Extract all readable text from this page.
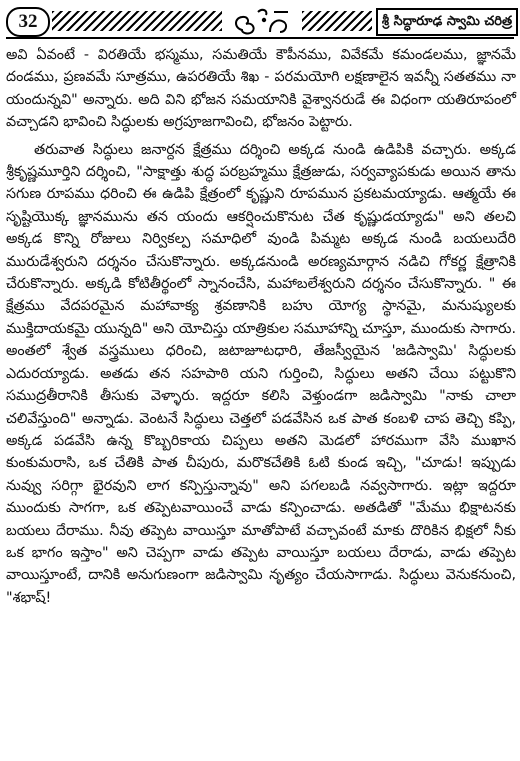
32	శ్రీ సిద్ధారూఢ స్వామి చరిత్ర

అవి ఏవంటే - విరతియే భస్మము, సమతియే కౌపీనము, వివేకమే కమండలము, జ్ఞానమే దండము, ప్రణవమే సూత్రము, ఉపరతియే శిఖ - పరమయోగి లక్షణాలైన ఇవన్నీ సతతము నా యందున్నవి" అన్నారు. అది విని భోజన సమయానికి వైశ్వానరుడే ఈ విధంగా యతిరూపంలో వచ్చాడని భావించి సిద్ధులకు అగ్రపూజగావించి, భోజనం పెట్టారు.

తరువాత సిద్ధులు జనార్దన క్షేత్రము దర్శించి అక్కడ నుండి ఉడిపికి వచ్చారు. అక్కడ శ్రీకృష్ణమూర్తిని దర్శించి, "సాక్షాత్తు శుద్ధ పరబ్రహ్మము క్షేత్రజుడు, సర్వవ్యాపకుడు అయిన తాను సగుణ రూపము ధరించి ఈ ఉడిపి క్షేత్రంలో కృష్ణుని రూపమున ప్రకటమయ్యాడు. ఆత్మయే ఈ సృష్టియొక్క జ్ఞానమును తన యందు ఆకర్షించుకొనుట చేత కృష్ణుడయ్యాడు" అని తలచి అక్కడ కొన్ని రోజులు నిర్వికల్ప సమాధిలో వుండి పిమ్మట అక్కడ నుండి బయలుదేరి మురుడేశ్వరుని దర్శనం చేసుకొన్నారు. అక్కడనుండి అరణ్యమార్గాన నడిచి గోకర్ణ క్షేత్రానికి చేరుకొన్నారు. అక్కడి కోటితీర్థంలో స్నానంచేసి, మహాబలేశ్వరుని దర్శనం చేసుకొన్నారు. " ఈ క్షేత్రము వేదపరమైన మహావాక్య శ్రవణానికి బహు యోగ్య స్థానమై, మనుష్యులకు ముక్తిదాయకమై యున్నది" అని యోచిస్తు యాత్రికుల సమూహాన్ని చూస్తూ, ముందుకు సాగారు. అంతలో శ్వేత వస్త్రములు ధరించి, జటాజూటధారి, తేజస్వీయైన 'జడిస్వామి' సిద్ధులకు ఎదురయ్యాడు. అతడు తన సహపాఠి యని గుర్తించి, సిద్ధులు అతని చేయి పట్టుకొని సముద్రతీరానికి తీసుకు వెళ్ళారు. ఇద్దరూ కలిసి వెళ్తుండగా జడిస్వామి "నాకు చాలా చలివేస్తుంది" అన్నాడు. వెంటనే సిద్ధులు చెత్తలో పడవేసిన ఒక పాత కంబళి చాప తెచ్చి కప్పి, అక్కడ పడవేసి ఉన్న కొబ్బరికాయ చిప్పలు అతని మెడలో హారముగా వేసి ముఖాన కుంకుమరాసి, ఒక చేతికి పాత చీపురు, మరొకచేతికి ఓటి కుండ ఇచ్చి, "చూడు! ఇప్పుడు నువ్వు సరిగ్గా భైరవుని లాగ కన్పిస్తున్నావు" అని పగలబడి నవ్వసాగారు. ఇట్లా ఇద్దరూ ముందుకు సాగగా, ఒక తప్పెటవాయించే వాడు కన్పించాడు. అతడితో "మేము భిక్షాటనకు బయలు దేరాము. నీవు తప్పెట వాయిస్తూ మాతోపాటే వచ్చావంటే మాకు దొరికిన భిక్షలో నీకు ఒక భాగం ఇస్తాం" అని చెప్పగా వాడు తప్పెట వాయిస్తూ బయలు దేరాడు, వాడు తప్పెట వాయిస్తూంటే, దానికి అనుగుణంగా జడిస్వామి నృత్యం చేయసాగాడు. సిద్ధులు వెనుకనుంచి, "శభాష్!
